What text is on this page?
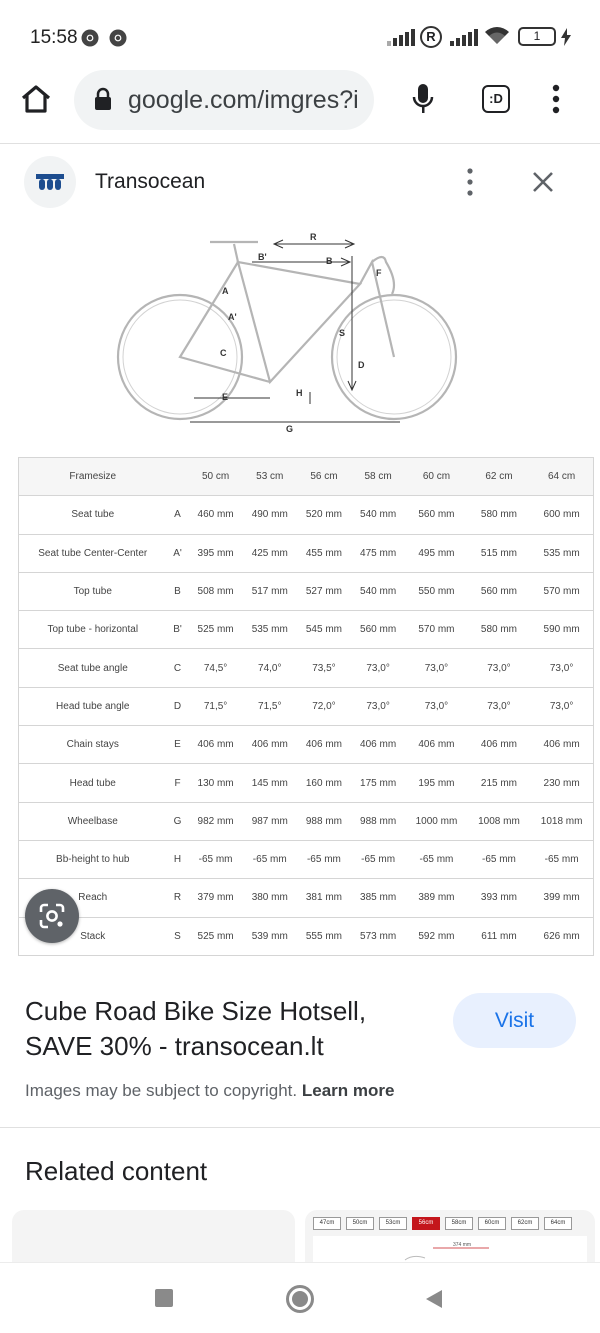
15:58	R	1
google.com/imgres?i	:D
Transocean
R
B'	B
F
A
A'
S
C
D
E	H
G
Framesize		50 cm	53 cm	56 cm	58 cm	60 cm	62 cm	64 cm
Seat tube	A	460 mm	490 mm	520 mm	540 mm	560 mm	580 mm	600 mm
Seat tube Center-Center	A'	395 mm	425 mm	455 mm	475 mm	495 mm	515 mm	535 mm
Top tube	B	508 mm	517 mm	527 mm	540 mm	550 mm	560 mm	570 mm
Top tube - horizontal	B'	525 mm	535 mm	545 mm	560 mm	570 mm	580 mm	590 mm
Seat tube angle	C	74,5°	74,0°	73,5°	73,0°	73,0°	73,0°	73,0°
Head tube angle	D	71,5°	71,5°	72,0°	73,0°	73,0°	73,0°	73,0°
Chain stays	E	406 mm	406 mm	406 mm	406 mm	406 mm	406 mm	406 mm
Head tube	F	130 mm	145 mm	160 mm	175 mm	195 mm	215 mm	230 mm
Wheelbase	G	982 mm	987 mm	988 mm	988 mm	1000 mm	1008 mm	1018 mm
Bb-height to hub	H	-65 mm	-65 mm	-65 mm	-65 mm	-65 mm	-65 mm	-65 mm
Reach	R	379 mm	380 mm	381 mm	385 mm	389 mm	393 mm	399 mm
Stack	S	525 mm	539 mm	555 mm	573 mm	592 mm	611 mm	626 mm
Cube Road Bike Size Hotsell, SAVE 30% - transocean.lt
Visit
Images may be subject to copyright. Learn more
Related content
47cm	50cm	53cm	56cm	58cm	60cm	62cm	64cm
374 mm
